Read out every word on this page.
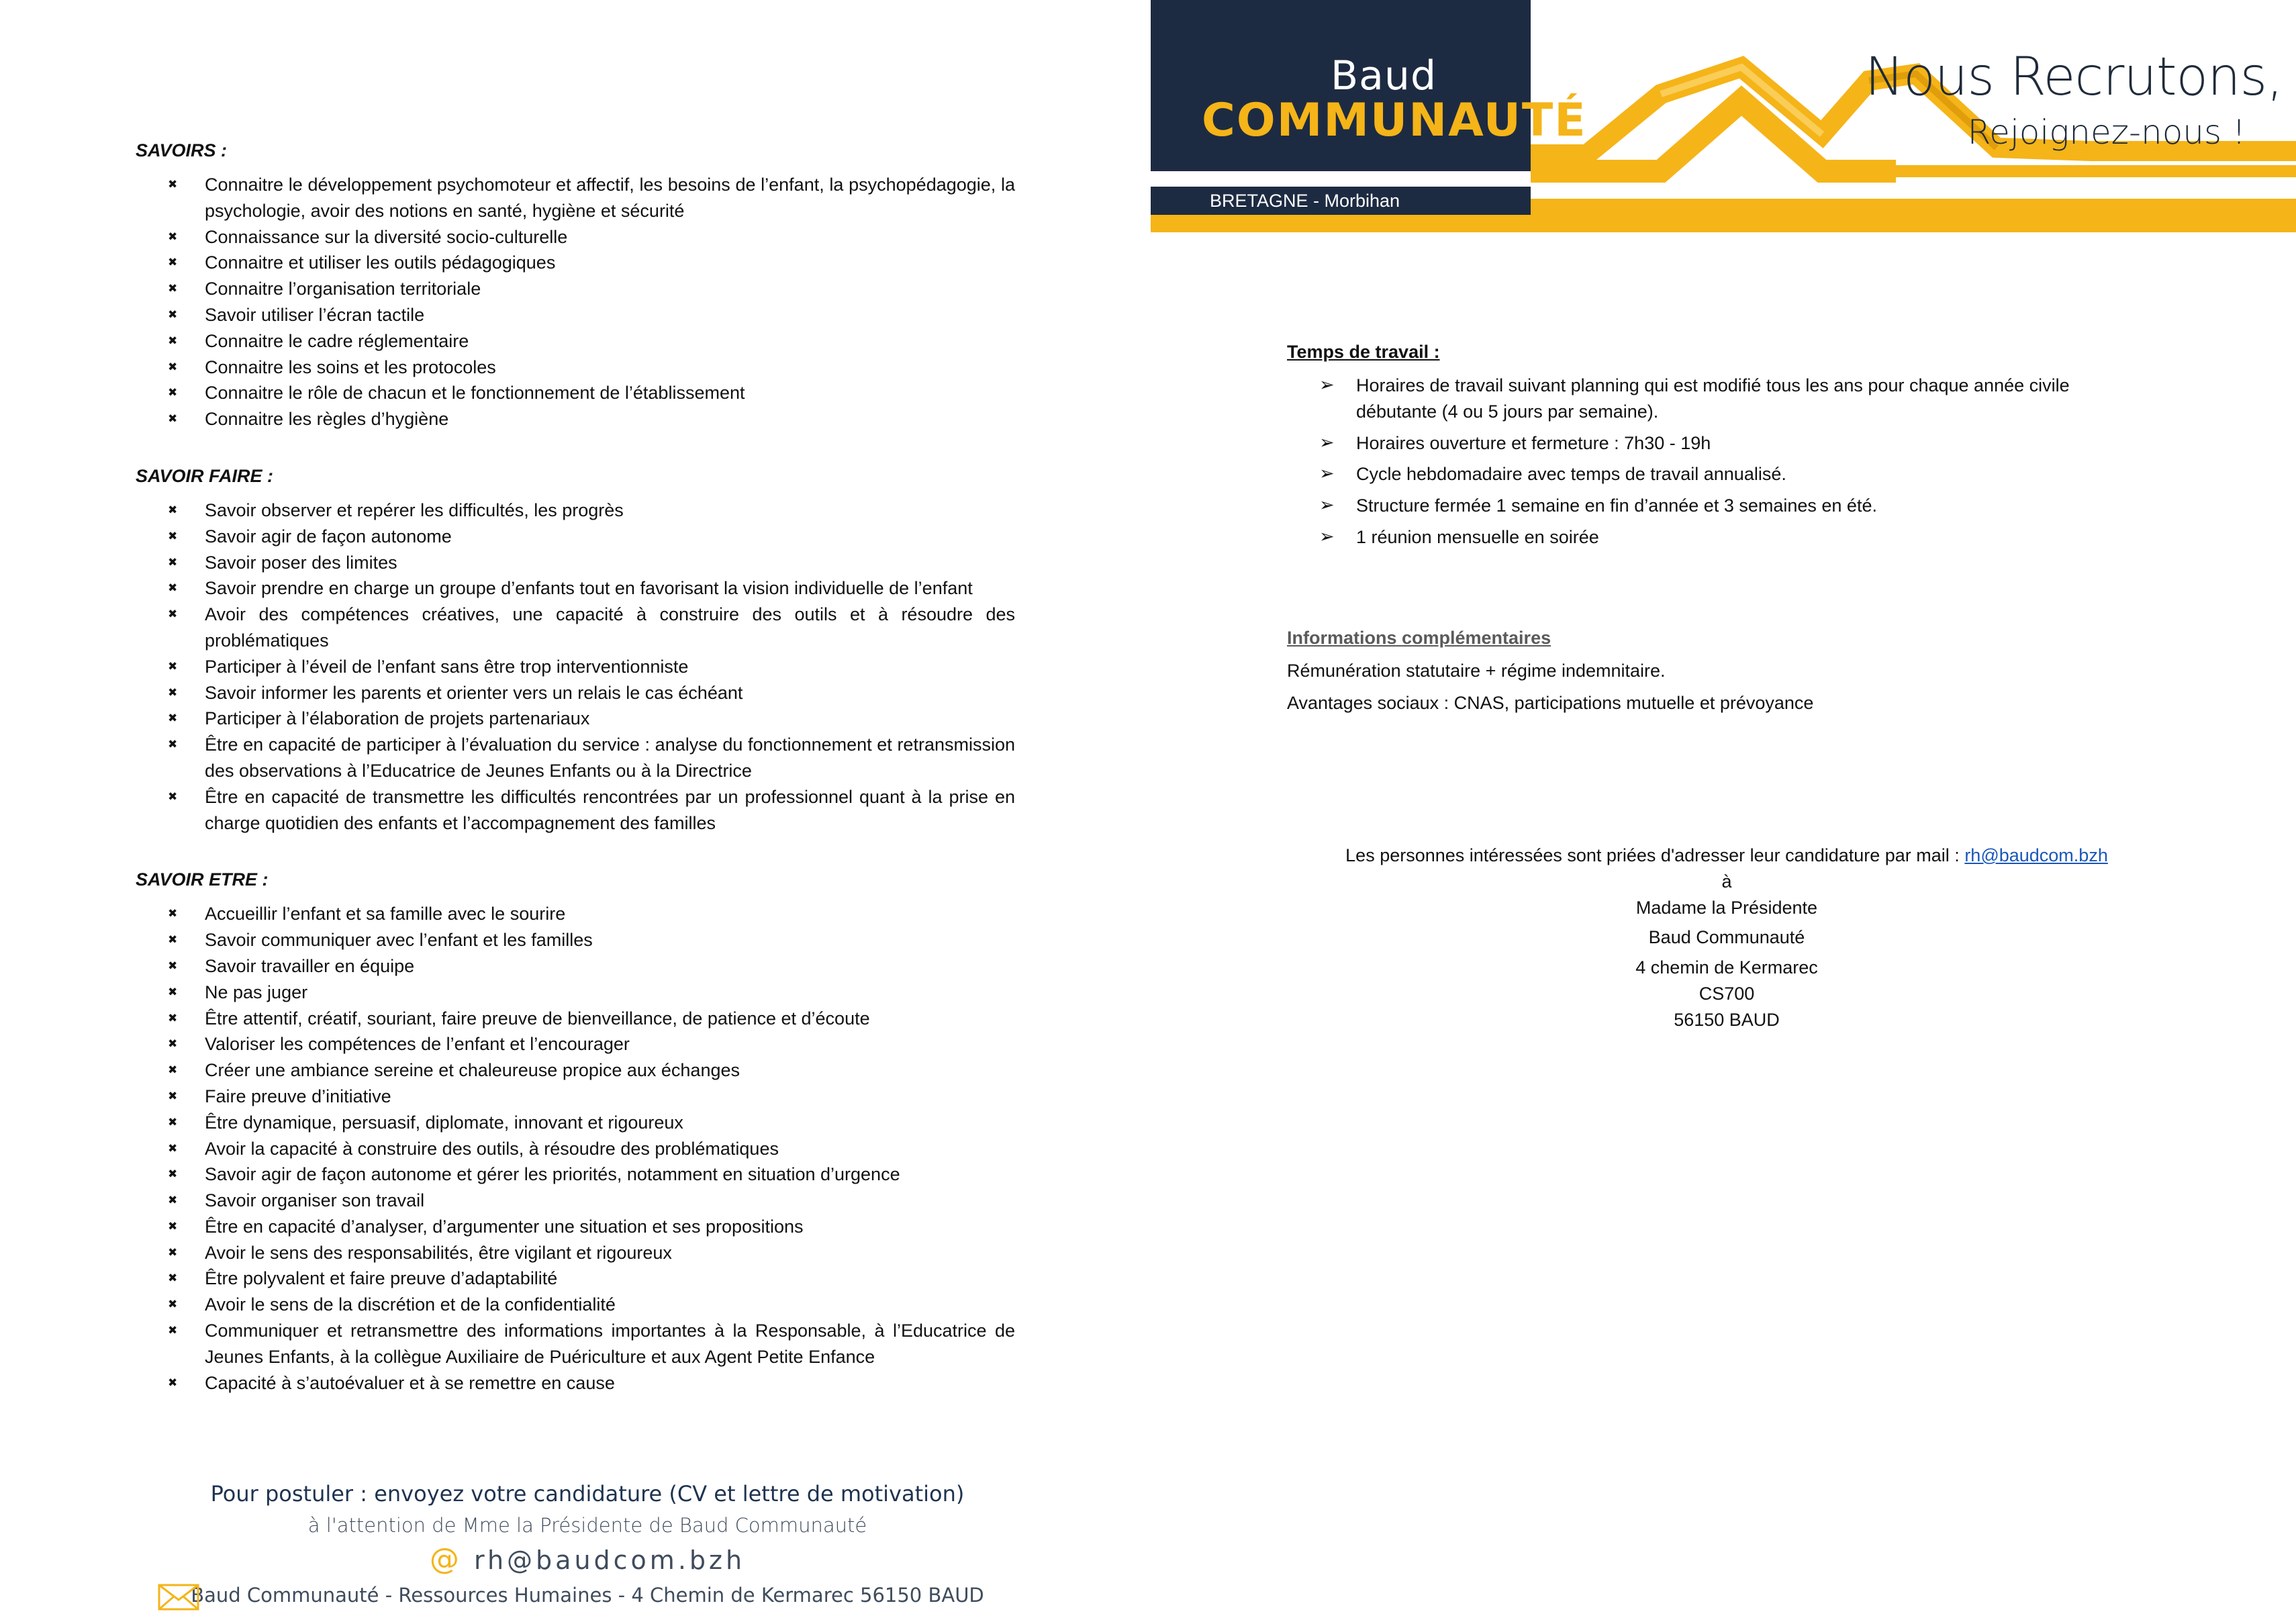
SAVOIRS :
✖ Connaitre le développement psychomoteur et affectif, les besoins de l’enfant, la psychopédagogie, la psychologie, avoir des notions en santé, hygiène et sécurité
✖ Connaissance sur la diversité socio-culturelle
✖ Connaitre et utiliser les outils pédagogiques
✖ Connaitre l’organisation territoriale
✖ Savoir utiliser l’écran tactile
✖ Connaitre le cadre réglementaire
✖ Connaitre les soins et les protocoles
✖ Connaitre le rôle de chacun et le fonctionnement de l’établissement
✖ Connaitre les règles d’hygiène
SAVOIR FAIRE :
✖ Savoir observer et repérer les difficultés, les progrès
✖ Savoir agir de façon autonome
✖ Savoir poser des limites
✖ Savoir prendre en charge un groupe d’enfants tout en favorisant la vision individuelle de l’enfant
✖ Avoir des compétences créatives, une capacité à construire des outils et à résoudre des problématiques
✖ Participer à l’éveil de l’enfant sans être trop interventionniste
✖ Savoir informer les parents et orienter vers un relais le cas échéant
✖ Participer à l’élaboration de projets partenariaux
✖ Être en capacité de participer à l’évaluation du service : analyse du fonctionnement et retransmission des observations à l’Educatrice de Jeunes Enfants ou à la Directrice
✖ Être en capacité de transmettre les difficultés rencontrées par un professionnel quant à la prise en charge quotidien des enfants et l’accompagnement des familles
SAVOIR ETRE :
✖ Accueillir l’enfant et sa famille avec le sourire
✖ Savoir communiquer avec l’enfant et les familles
✖ Savoir travailler en équipe
✖ Ne pas juger
✖ Être attentif, créatif, souriant, faire preuve de bienveillance, de patience et d’écoute
✖ Valoriser les compétences de l’enfant et l’encourager
✖ Créer une ambiance sereine et chaleureuse propice aux échanges
✖ Faire preuve d’initiative
✖ Être dynamique, persuasif, diplomate, innovant et rigoureux
✖ Avoir la capacité à construire des outils, à résoudre des problématiques
✖ Savoir agir de façon autonome et gérer les priorités, notamment en situation d’urgence
✖ Savoir organiser son travail
✖ Être en capacité d’analyser, d’argumenter une situation et ses propositions
✖ Avoir le sens des responsabilités, être vigilant et rigoureux
✖ Être polyvalent et faire preuve d’adaptabilité
✖ Avoir le sens de la discrétion et de la confidentialité
✖ Communiquer et retransmettre des informations importantes à la Responsable, à l’Educatrice de Jeunes Enfants, à la collègue Auxiliaire de Puériculture et aux Agent Petite Enfance
✖ Capacité à s’autoévaluer et à se remettre en cause
Pour postuler : envoyez votre candidature (CV et lettre de motivation)
à l'attention de Mme la Présidente de Baud Communauté
@ rh@baudcom.bzh
Baud Communauté - Ressources Humaines - 4 Chemin de Kermarec 56150 BAUD
Baud
COMMUNAUTÉ
BRETAGNE - Morbihan
Nous Recrutons,
Rejoignez-nous !
Temps de travail :
➢ Horaires de travail suivant planning qui est modifié tous les ans pour chaque année civile débutante (4 ou 5 jours par semaine).
➢ Horaires ouverture et fermeture : 7h30 - 19h
➢ Cycle hebdomadaire avec temps de travail annualisé.
➢ Structure fermée 1 semaine en fin d’année et 3 semaines en été.
➢ 1 réunion mensuelle en soirée
Informations complémentaires
Rémunération statutaire + régime indemnitaire.
Avantages sociaux : CNAS, participations mutuelle et prévoyance
Les personnes intéressées sont priées d'adresser leur candidature par mail : rh@baudcom.bzh
à
Madame la Présidente
Baud Communauté
4 chemin de Kermarec
CS700
56150 BAUD
